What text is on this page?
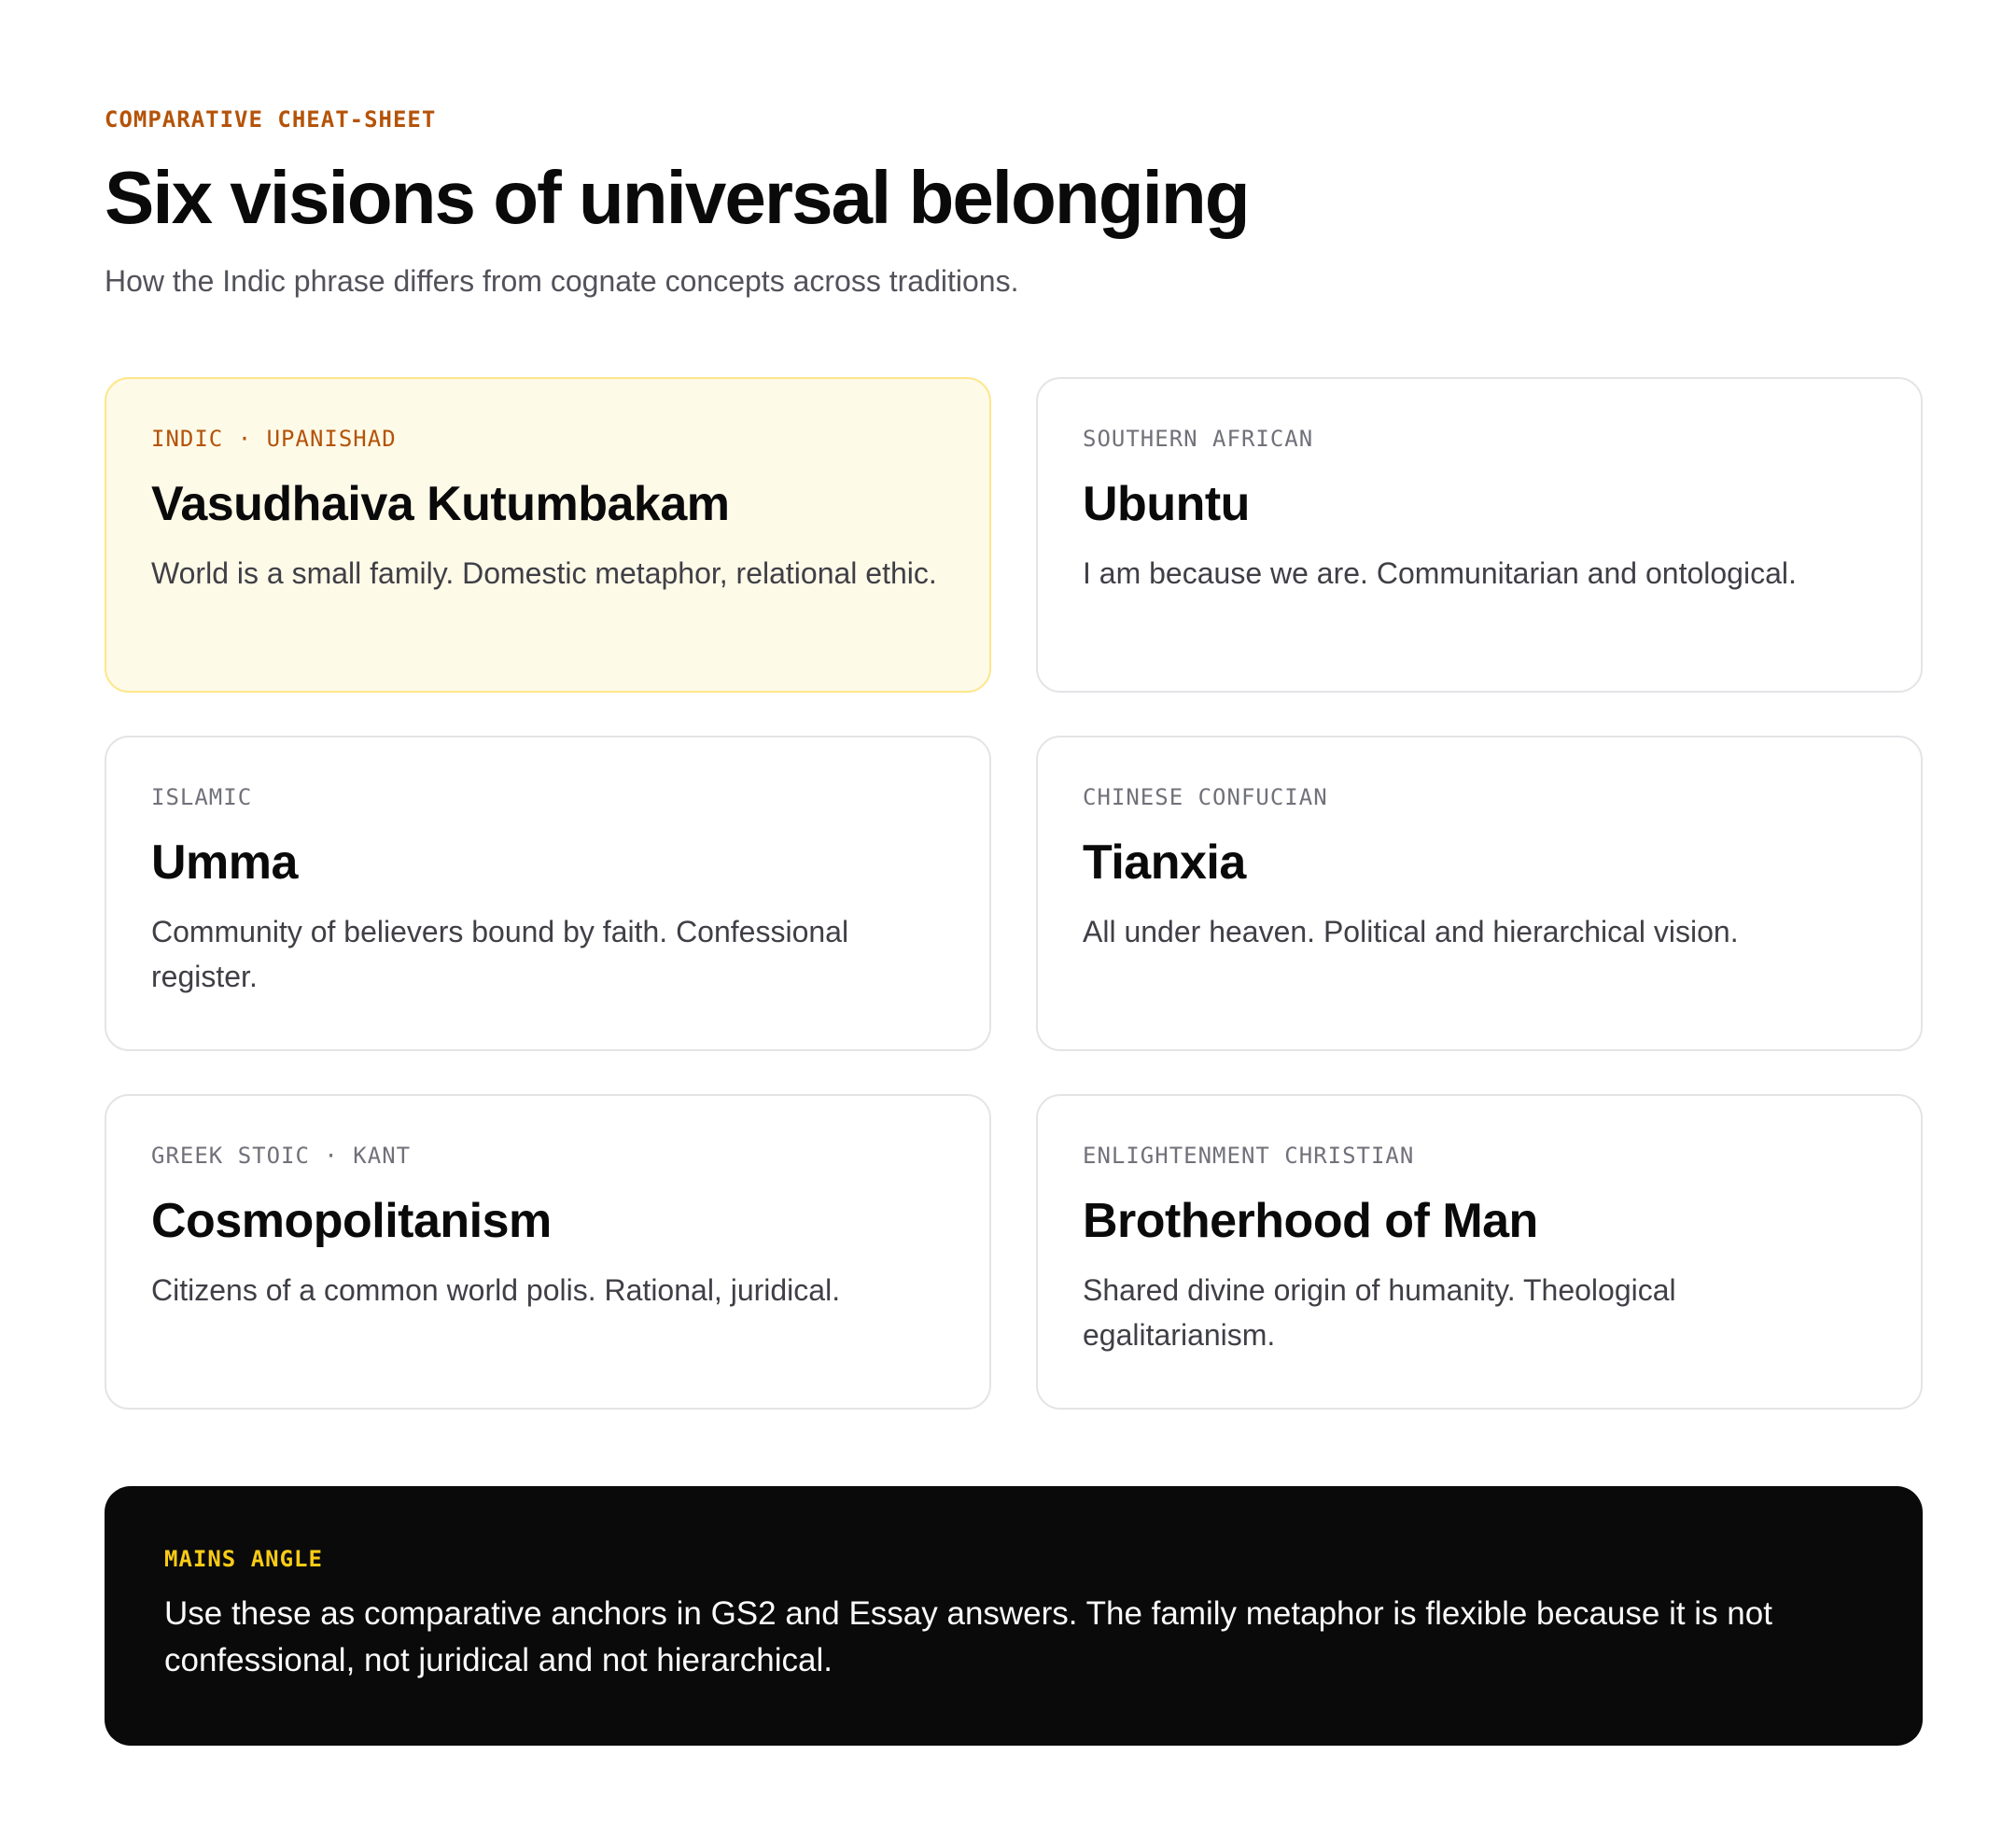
COMPARATIVE CHEAT-SHEET

Six visions of universal belonging

How the Indic phrase differs from cognate concepts across traditions.

INDIC · UPANISHAD

Vasudhaiva Kutumbakam

World is a small family. Domestic metaphor, relational ethic.

SOUTHERN AFRICAN

Ubuntu

I am because we are. Communitarian and ontological.

ISLAMIC

Umma

Community of believers bound by faith. Confessional register.

CHINESE CONFUCIAN

Tianxia

All under heaven. Political and hierarchical vision.

GREEK STOIC · KANT

Cosmopolitanism

Citizens of a common world polis. Rational, juridical.

ENLIGHTENMENT CHRISTIAN

Brotherhood of Man

Shared divine origin of humanity. Theological egalitarianism.

MAINS ANGLE

Use these as comparative anchors in GS2 and Essay answers. The family metaphor is flexible because it is not confessional, not juridical and not hierarchical.
